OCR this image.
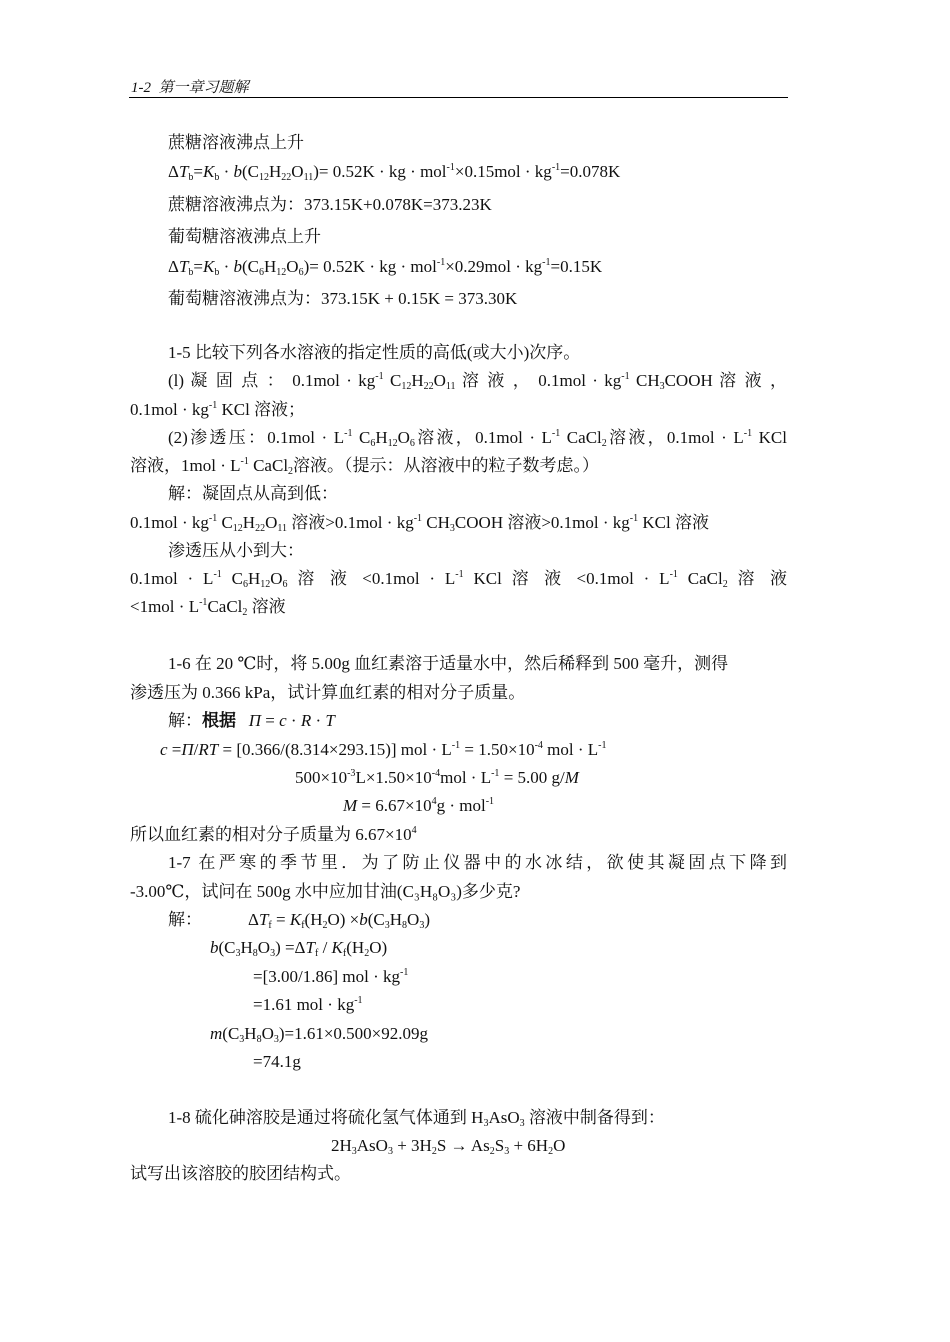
1-2 第一章习题解
蔗糖溶液沸点上升
$\Delta T_b=K_b \cdot b(C_{12}H_{22}O_{11})= 0.52K$ · kg · $mol^{-1}\times 0.15mol \cdot kg^{-1}=0.078K$
蔗糖溶液沸点为：373.15K+0.078K=373.23K
葡萄糖溶液沸点上升
$\Delta T_b=K_b \cdot b(C_6H_{12}O_6)= 0.52K$ · kg · $mol^{-1}\times 0.29mol \cdot kg^{-1}=0.15K$
葡萄糖溶液沸点为：373.15K + 0.15K = 373.30K
1-5 比较下列各水溶液的指定性质的高低(或大小)次序。
(l) 凝 固 点 ： $0.1mol \cdot kg^{-1}$ $C_{12}H_{22}O_{11}$ 溶 液 ， $0.1mol \cdot kg^{-1}$ $CH_3COOH$ 溶 液 ，
$0.1mol \cdot kg^{-1}$ KCl 溶液；
(2)渗透压：$0.1mol \cdot L^{-1}$ $C_6H_{12}O_6$溶液，$0.1mol \cdot L^{-1}$ CaCl$_2$溶液，$0.1mol \cdot L^{-1}$ KCl
溶液，$1mol \cdot L^{-1}$ CaCl$_2$溶液。（提示：从溶液中的粒子数考虑。）
解：凝固点从高到低：
$0.1mol \cdot kg^{-1}$ $C_{12}H_{22}O_{11}$ 溶液$>0.1mol \cdot kg^{-1}$ $CH_3COOH$ 溶液$>0.1mol \cdot kg^{-1}$ KCl 溶液
渗透压从小到大：
$0.1mol \cdot L^{-1}$ $C_6H_{12}O_6$ 溶 液 $<0.1mol \cdot L^{-1}$ KCl 溶 液 $<0.1mol \cdot L^{-1}$ CaCl$_2$ 溶 液
$<1mol \cdot L^{-1}CaCl_2$ 溶液
1-6 在 20 ℃时，将 5.00g 血红素溶于适量水中，然后稀释到 500 毫升，测得
渗透压为 0.366 kPa，试计算血红素的相对分子质量。
解：根据 Π = c · R · T
c =Π/RT = [0.366/(8.314×293.15)] mol · $L^{-1} = 1.50\times 10^{-4}$ mol · $L^{-1}$
$500\times 10^{-3}L\times 1.50\times 10^{-4}mol \cdot L^{-1} = 5.00$ g/M
$M = 6.67\times 10^4g \cdot mol^{-1}$
所以血红素的相对分子质量为 $6.67\times 10^4$
1-7 在严寒的季节里．为了防止仪器中的水冰结，欲使其凝固点下降到
-3.00℃，试问在 500g 水中应加甘油(C₃H₈O₃)多少克?
解：	$\Delta T_f = K_f(H_2O) \times b(C_3H_8O_3)$
$b(C_3H_8O_3) =\Delta T_f / K_f(H_2O)$
=[3.00/1.86] mol · $kg^{-1}$
=1.61 mol · $kg^{-1}$
$m(C_3H_8O_3)=1.61\times 0.500\times 92.09g$
=74.1g
1-8 硫化砷溶胶是通过将硫化氢气体通到 $H_3AsO_3$ 溶液中制备得到：
$2H_3AsO_3 + 3H_2S \to As_2S_3 + 6H_2O$
试写出该溶胶的胶团结构式。
